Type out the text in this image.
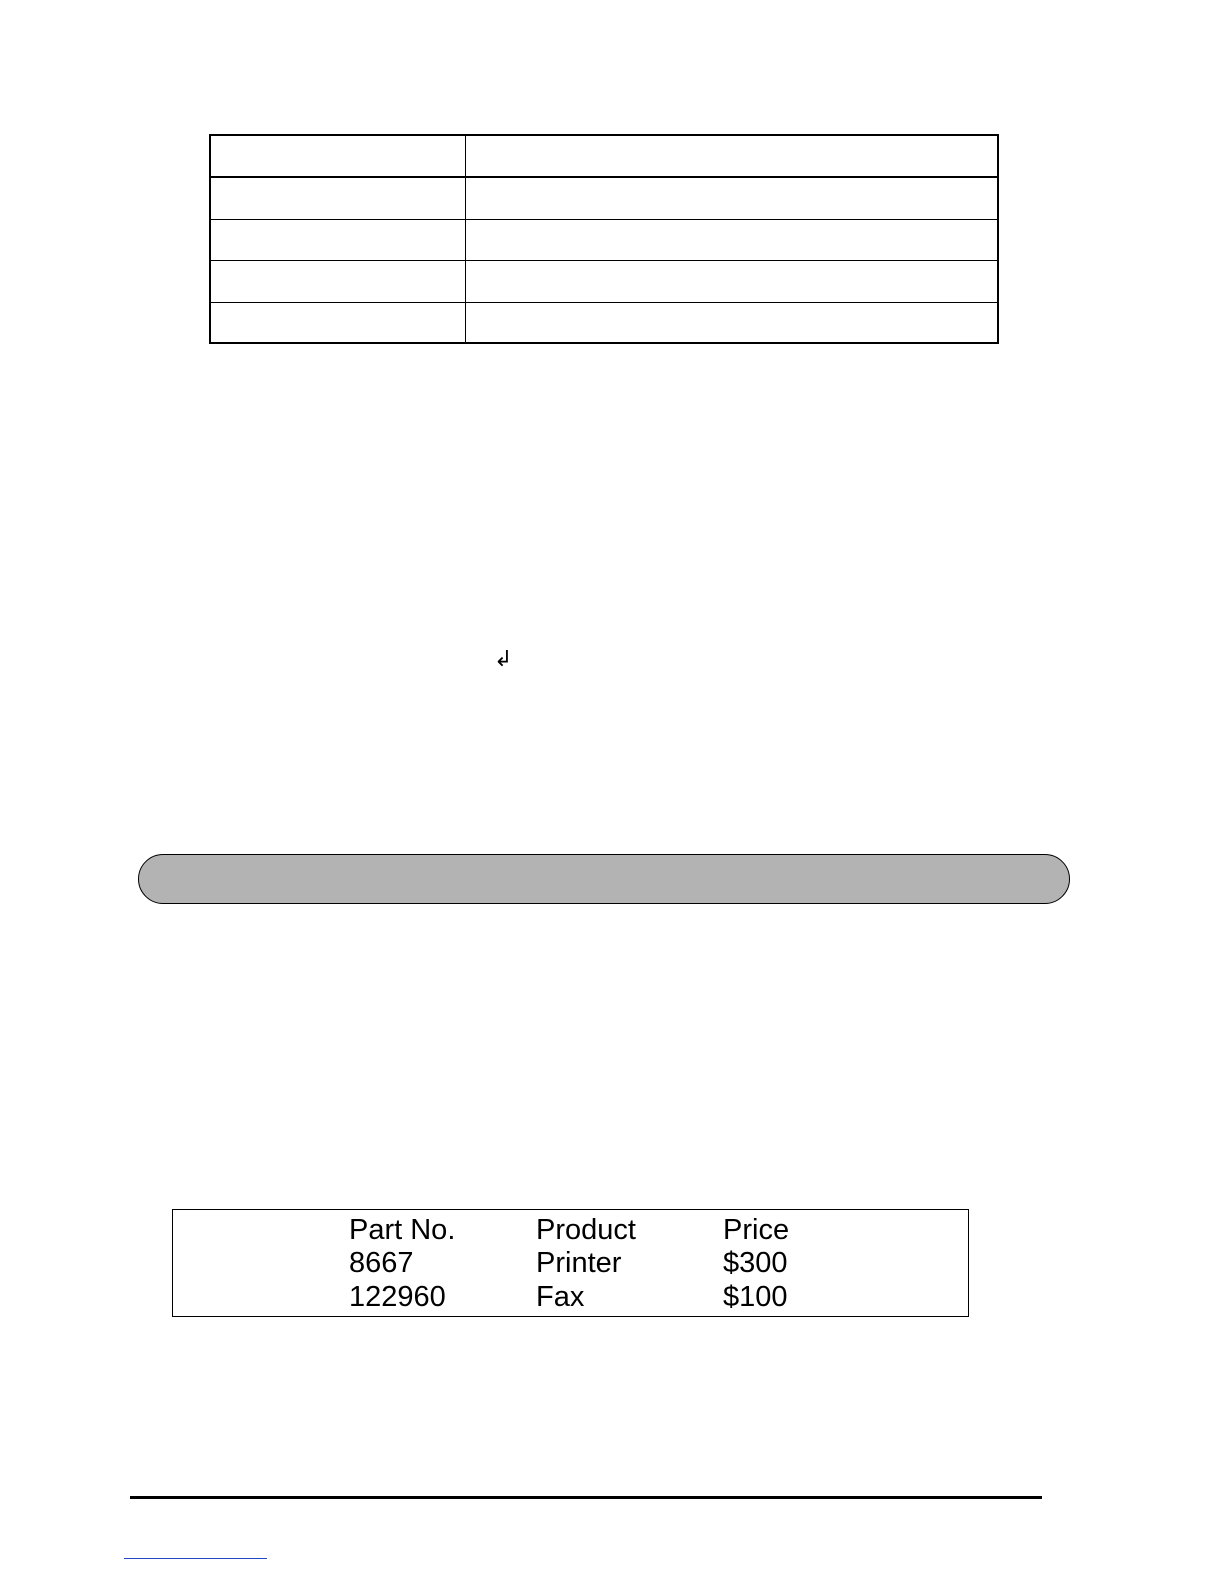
↲
Part No.	Product	Price
8667	Printer	$300
122960	Fax	$100
